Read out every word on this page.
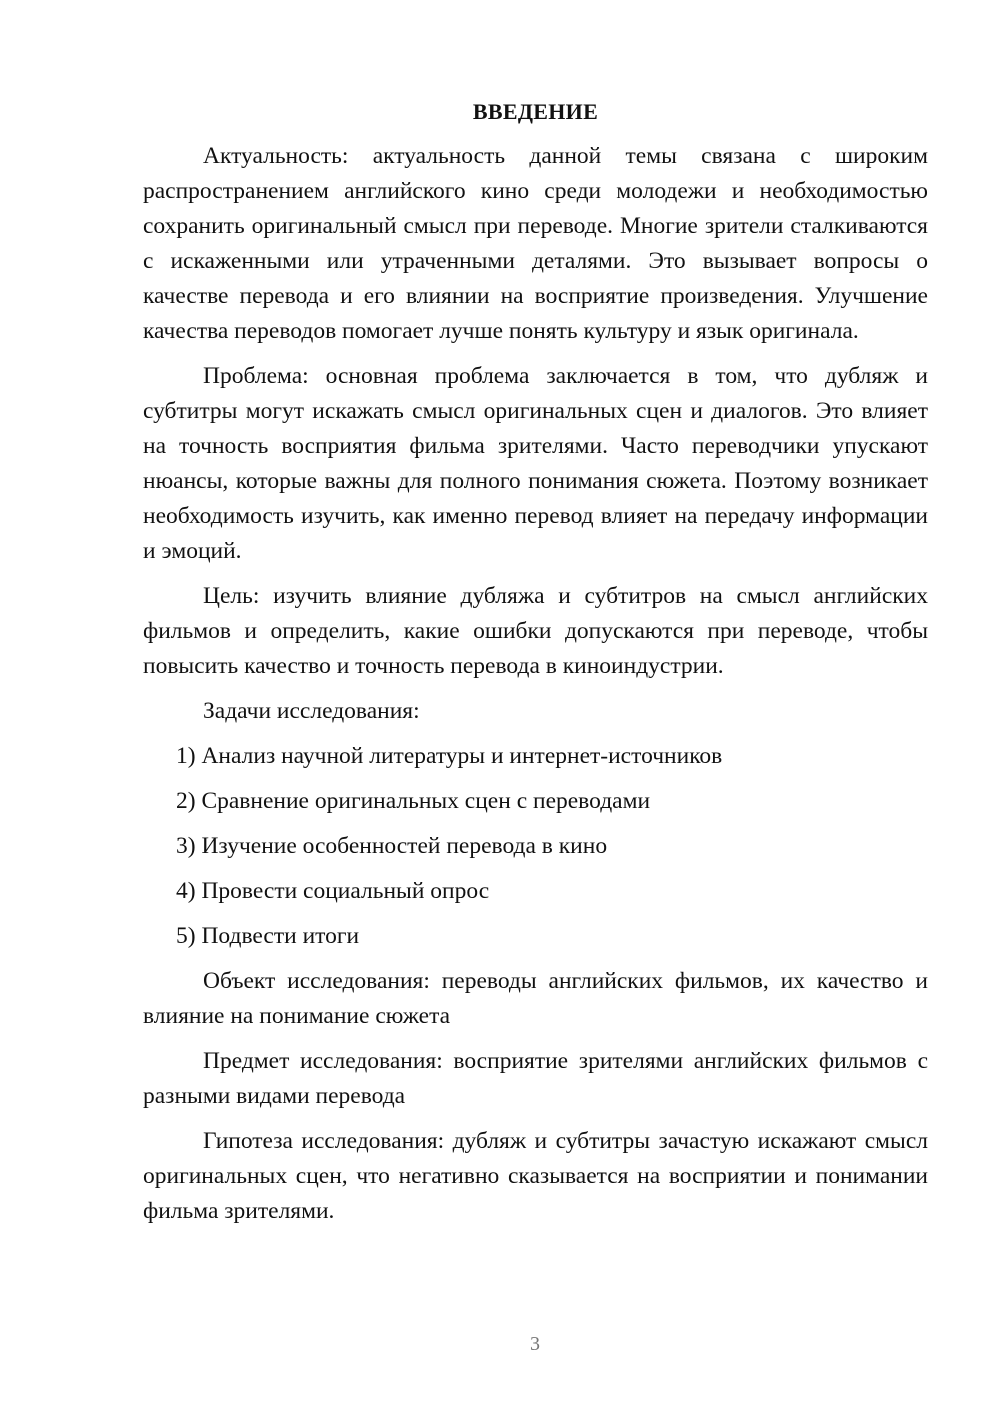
ВВЕДЕНИЕ

Актуальность: актуальность данной темы связана с широким распространением английского кино среди молодежи и необходимостью сохранить оригинальный смысл при переводе. Многие зрители сталкиваются с искаженными или утраченными деталями. Это вызывает вопросы о качестве перевода и его влиянии на восприятие произведения. Улучшение качества переводов помогает лучше понять культуру и язык оригинала.

Проблема: основная проблема заключается в том, что дубляж и субтитры могут искажать смысл оригинальных сцен и диалогов. Это влияет на точность восприятия фильма зрителями. Часто переводчики упускают нюансы, которые важны для полного понимания сюжета. Поэтому возникает необходимость изучить, как именно перевод влияет на передачу информации и эмоций.

Цель: изучить влияние дубляжа и субтитров на смысл английских фильмов и определить, какие ошибки допускаются при переводе, чтобы повысить качество и точность перевода в киноиндустрии.

Задачи исследования:

1) Анализ научной литературы и интернет-источников
2) Сравнение оригинальных сцен с переводами
3) Изучение особенностей перевода в кино
4) Провести социальный опрос
5) Подвести итоги

Объект исследования: переводы английских фильмов, их качество и влияние на понимание сюжета

Предмет исследования: восприятие зрителями английских фильмов с разными видами перевода

Гипотеза исследования: дубляж и субтитры зачастую искажают смысл оригинальных сцен, что негативно сказывается на восприятии и понимании фильма зрителями.

3
